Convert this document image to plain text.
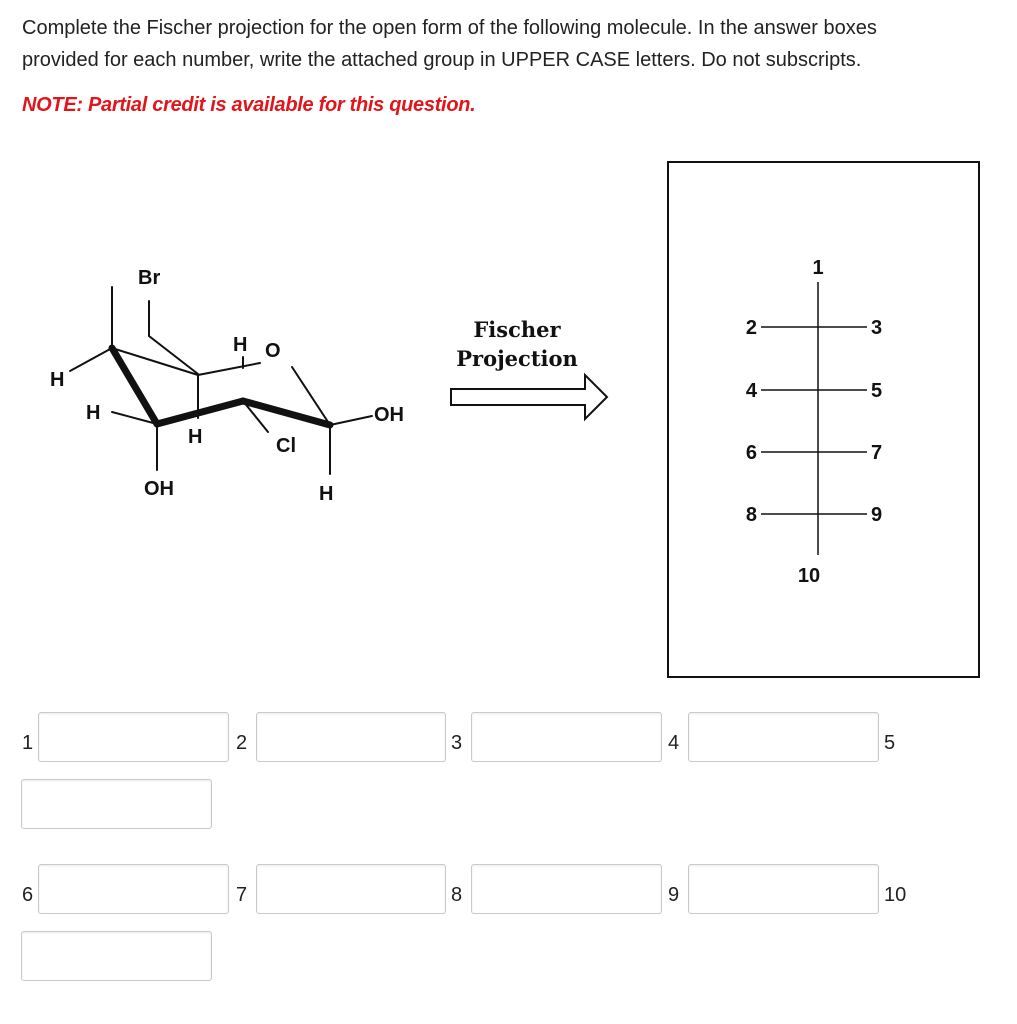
Complete the Fischer projection for the open form of the following molecule. In the answer boxes
provided for each number, write the attached group in UPPER CASE letters. Do not subscripts.
NOTE: Partial credit is available for this question.
Br
H
H
H
H O
Cl
OH
OH	H
Fischer
Projection
1
10
2
4
6
8
3
5
7
9
1	2	3	4	5
6	7	8	9	10
